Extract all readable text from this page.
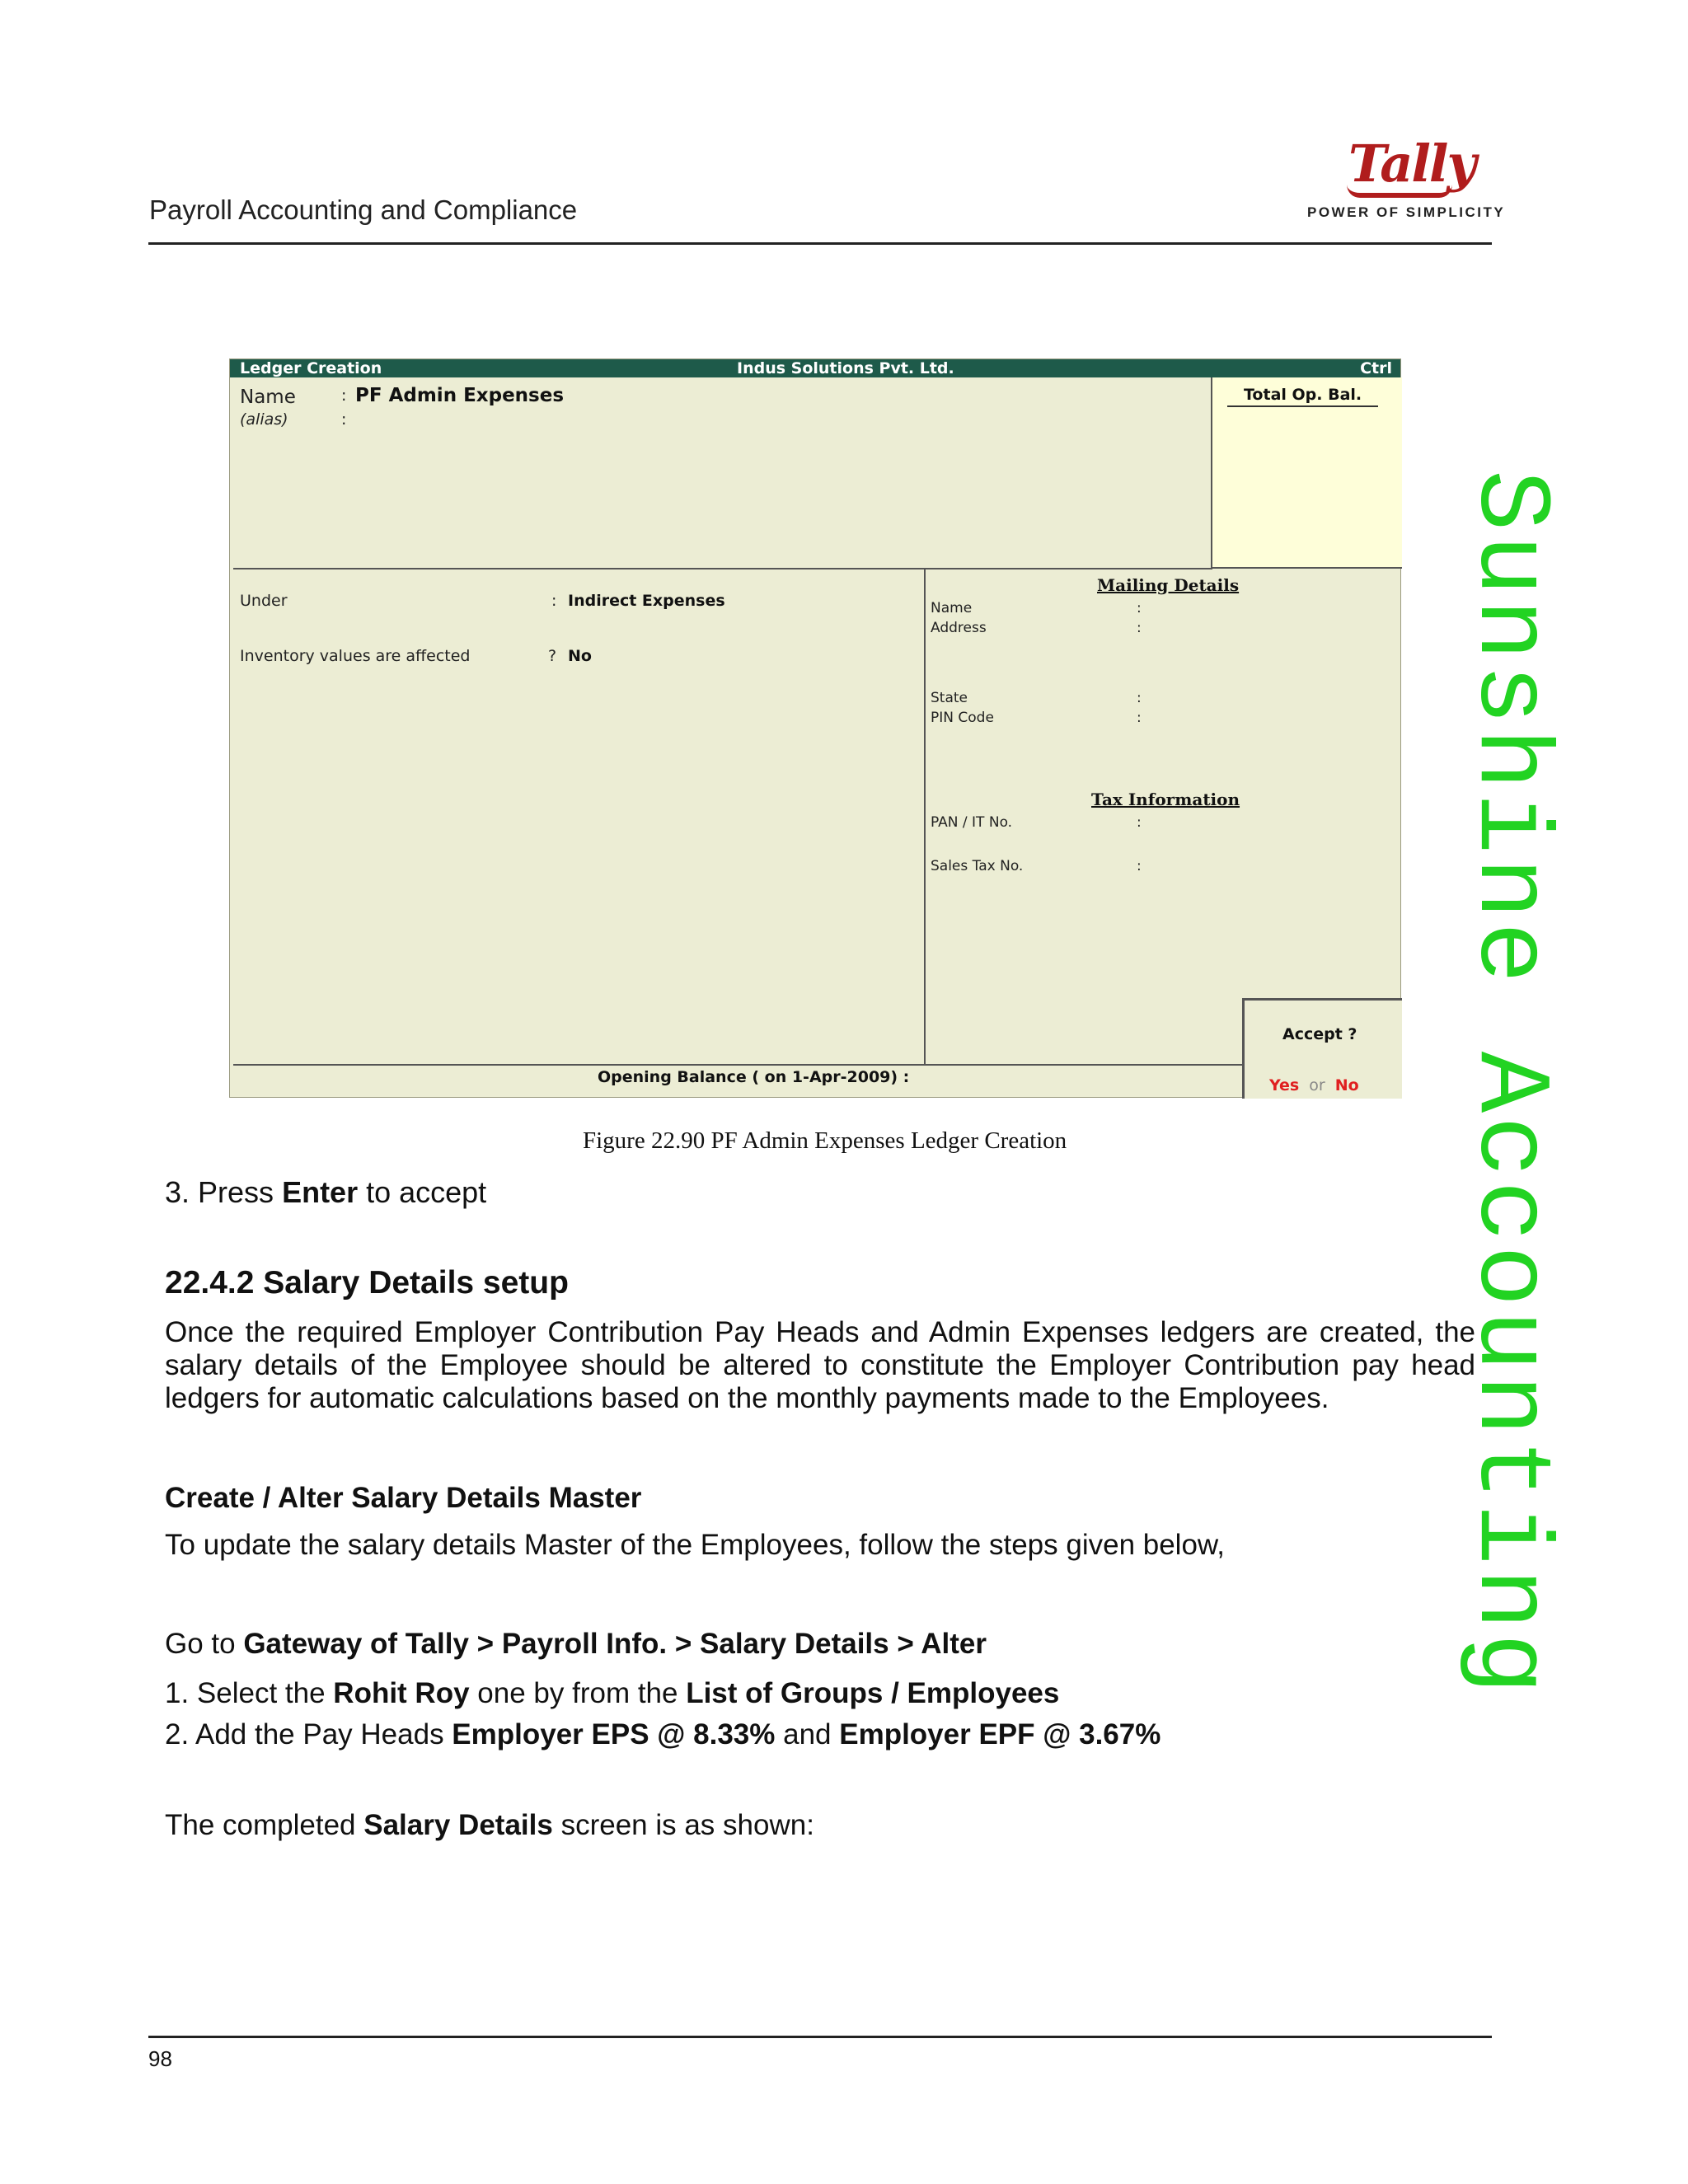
Payroll Accounting and Compliance
Tally
POWER OF SIMPLICITY
Sunshine Accounting
Ledger Creation	Indus Solutions Pvt. Ltd.	Ctrl
Name	: PF Admin Expenses
(alias)	:
Total Op. Bal.
Under	: Indirect Expenses
Inventory values are affected	? No
Mailing Details
Name	:
Address	:
State	:
PIN Code	:
Tax Information
PAN / IT No.	:
Sales Tax No.	:
Opening Balance ( on 1-Apr-2009) :
Accept ?
Yes or No
Figure 22.90 PF Admin Expenses Ledger Creation
3. Press Enter to accept
22.4.2 Salary Details setup
Once the required Employer Contribution Pay Heads and Admin Expenses ledgers are created, the salary details of the Employee should be altered to constitute the Employer Contribution pay head ledgers for automatic calculations based on the monthly payments made to the Employees.
Create / Alter Salary Details Master
To update the salary details Master of the Employees, follow the steps given below,
Go to Gateway of Tally > Payroll Info. > Salary Details > Alter
1. Select the Rohit Roy one by from the List of Groups / Employees
2. Add the Pay Heads Employer EPS @ 8.33% and Employer EPF @ 3.67%
The completed Salary Details screen is as shown:
98
